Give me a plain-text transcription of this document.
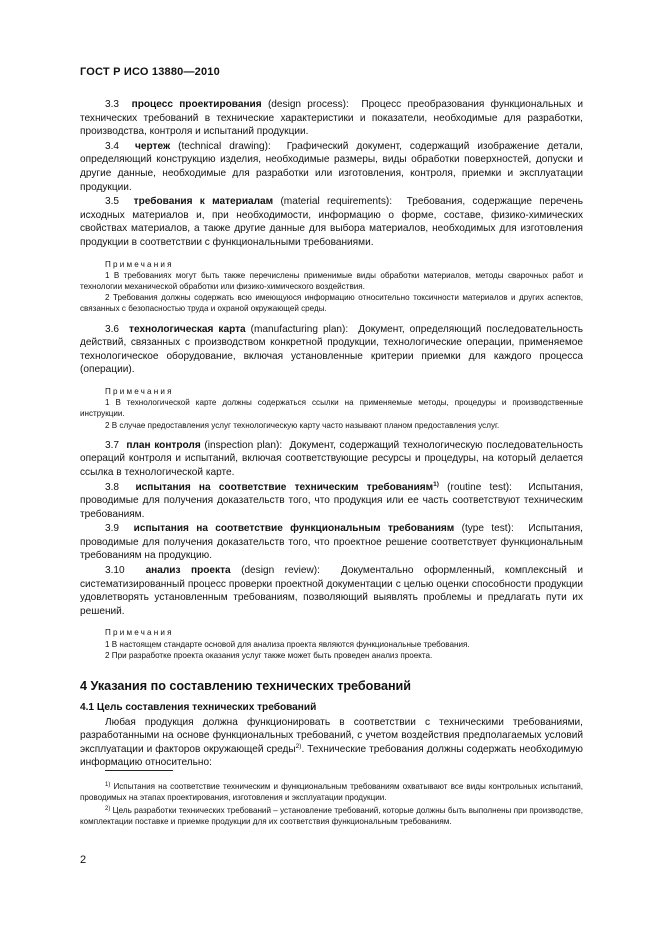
ГОСТ Р ИСО 13880—2010

3.3 процесс проектирования (design process): Процесс преобразования функциональных и технических требований в технические характеристики и показатели, необходимые для разработки, производства, контроля и испытаний продукции.

3.4 чертеж (technical drawing): Графический документ, содержащий изображение детали, определяющий конструкцию изделия, необходимые размеры, виды обработки поверхностей, допуски и другие данные, необходимые для разработки или изготовления, контроля, приемки и эксплуатации продукции.

3.5 требования к материалам (material requirements): Требования, содержащие перечень исходных материалов и, при необходимости, информацию о форме, составе, физико-химических свойствах материалов, а также другие данные для выбора материалов, необходимых для изготовления продукции в соответствии с функциональными требованиями.

Примечания

1 В требованиях могут быть также перечислены применимые виды обработки материалов, методы сварочных работ и технологии механической обработки или физико-химического воздействия.

2 Требования должны содержать всю имеющуюся информацию относительно токсичности материалов и других аспектов, связанных с безопасностью труда и охраной окружающей среды.

3.6 технологическая карта (manufacturing plan): Документ, определяющий последовательность действий, связанных с производством конкретной продукции, технологические операции, применяемое технологическое оборудование, включая установленные критерии приемки для каждого процесса (операции).

Примечания

1 В технологической карте должны содержаться ссылки на применяемые методы, процедуры и производственные инструкции.

2 В случае предоставления услуг технологическую карту часто называют планом предоставления услуг.

3.7 план контроля (inspection plan): Документ, содержащий технологическую последовательность операций контроля и испытаний, включая соответствующие ресурсы и процедуры, на который делается ссылка в технологической карте.

3.8 испытания на соответствие техническим требованиям$^{1)}$ (routine test): Испытания, проводимые для получения доказательств того, что продукция или ее часть соответствуют техническим требованиям.

3.9 испытания на соответствие функциональным требованиям (type test): Испытания, проводимые для получения доказательств того, что проектное решение соответствует функциональным требованиям на продукцию.

3.10 анализ проекта (design review): Документально оформленный, комплексный и систематизированный процесс проверки проектной документации с целью оценки способности продукции удовлетворять установленным требованиям, позволяющий выявлять проблемы и предлагать пути их решений.

Примечания

1 В настоящем стандарте основой для анализа проекта являются функциональные требования.

2 При разработке проекта оказания услуг также может быть проведен анализ проекта.

4 Указания по составлению технических требований
4.1 Цель составления технических требований

Любая продукция должна функционировать в соответствии с техническими требованиями, разработанными на основе функциональных требований, с учетом воздействия предполагаемых условий эксплуатации и факторов окружающей среды$^{2)}$. Технические требования должны содержать необходимую информацию относительно:

$^{1)}$ Испытания на соответствие техническим и функциональным требованиям охватывают все виды контрольных испытаний, проводимых на этапах проектирования, изготовления и эксплуатации продукции.

$^{2)}$ Цель разработки технических требований – установление требований, которые должны быть выполнены при производстве, комплектации поставке и приемке продукции для их соответствия функциональным требованиям.

2
